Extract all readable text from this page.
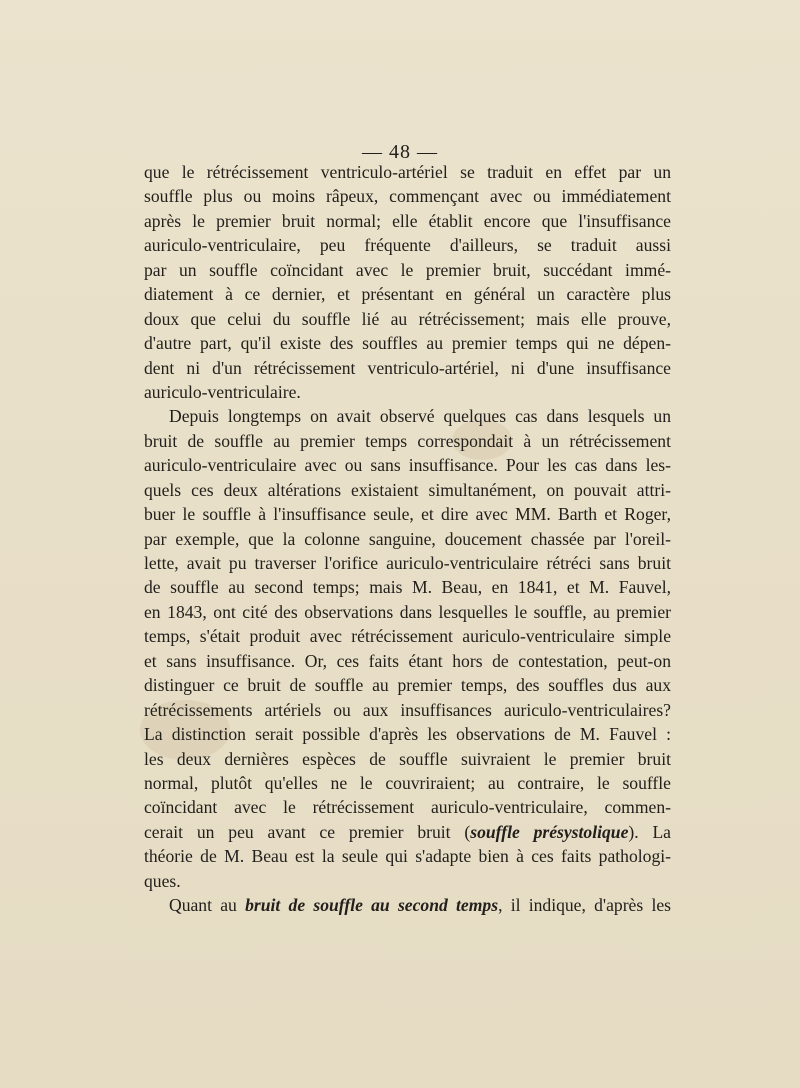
— 48 —
que le rétrécissement ventriculo-artériel se traduit en effet par un
souffle plus ou moins râpeux, commençant avec ou immédiatement
après le premier bruit normal; elle établit encore que l'insuffisance
auriculo-ventriculaire, peu fréquente d'ailleurs, se traduit aussi
par un souffle coïncidant avec le premier bruit, succédant immé-
diatement à ce dernier, et présentant en général un caractère plus
doux que celui du souffle lié au rétrécissement; mais elle prouve,
d'autre part, qu'il existe des souffles au premier temps qui ne dépen-
dent ni d'un rétrécissement ventriculo-artériel, ni d'une insuffisance
auriculo-ventriculaire.
Depuis longtemps on avait observé quelques cas dans lesquels un
bruit de souffle au premier temps correspondait à un rétrécissement
auriculo-ventriculaire avec ou sans insuffisance. Pour les cas dans les-
quels ces deux altérations existaient simultanément, on pouvait attri-
buer le souffle à l'insuffisance seule, et dire avec MM. Barth et Roger,
par exemple, que la colonne sanguine, doucement chassée par l'oreil-
lette, avait pu traverser l'orifice auriculo-ventriculaire rétréci sans bruit
de souffle au second temps; mais M. Beau, en 1841, et M. Fauvel,
en 1843, ont cité des observations dans lesquelles le souffle, au premier
temps, s'était produit avec rétrécissement auriculo-ventriculaire simple
et sans insuffisance. Or, ces faits étant hors de contestation, peut-on
distinguer ce bruit de souffle au premier temps, des souffles dus aux
rétrécissements artériels ou aux insuffisances auriculo-ventriculaires?
La distinction serait possible d'après les observations de M. Fauvel :
les deux dernières espèces de souffle suivraient le premier bruit
normal, plutôt qu'elles ne le couvriraient; au contraire, le souffle
coïncidant avec le rétrécissement auriculo-ventriculaire, commen-
cerait un peu avant ce premier bruit (souffle présystolique). La
théorie de M. Beau est la seule qui s'adapte bien à ces faits pathologi-
ques.
Quant au bruit de souffle au second temps, il indique, d'après les
